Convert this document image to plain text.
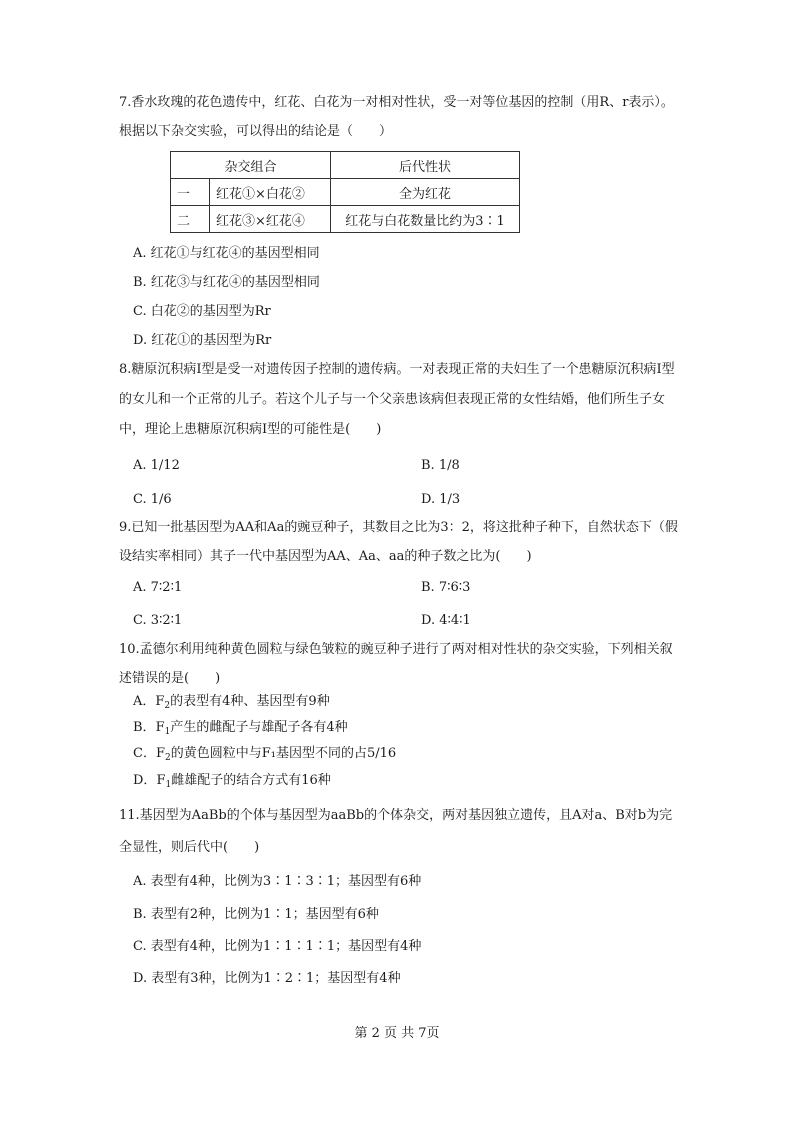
7.香水玫瑰的花色遗传中，红花、白花为一对相对性状，受一对等位基因的控制（用R、r表示）。根据以下杂交实验，可以得出的结论是（　　）
杂交组合		后代性状
一	红花①×白花②	全为红花
二	红花③×红花④	红花与白花数量比约为3∶1
A. 红花①与红花④的基因型相同
B. 红花③与红花④的基因型相同
C. 白花②的基因型为Rr
D. 红花①的基因型为Rr
8.糖原沉积病Ⅰ型是受一对遗传因子控制的遗传病。一对表现正常的夫妇生了一个患糖原沉积病Ⅰ型的女儿和一个正常的儿子。若这个儿子与一个父亲患该病但表现正常的女性结婚，他们所生子女中，理论上患糖原沉积病Ⅰ型的可能性是(　　)
A. 1/12	B. 1/8
C. 1/6	D. 1/3
9.已知一批基因型为AA和Aa的豌豆种子，其数目之比为3：2，将这批种子种下，自然状态下（假设结实率相同）其子一代中基因型为AA、Aa、aa的种子数之比为(　　)
A. 7∶2∶1	B. 7∶6∶3
C. 3∶2∶1	D. 4∶4∶1
10.孟德尔利用纯种黄色圆粒与绿色皱粒的豌豆种子进行了两对相对性状的杂交实验，下列相关叙述错误的是(　　)
A．$F_2$的表型有4种、基因型有9种
B．$F_1$产生的雌配子与雄配子各有4种
C．$F_2$的黄色圆粒中与F₁基因型不同的占5/16
D．$F_1$雌雄配子的结合方式有16种
11.基因型为AaBb的个体与基因型为aaBb的个体杂交，两对基因独立遗传，且A对a、B对b为完全显性，则后代中(　　)
A. 表型有4种，比例为3∶1∶3∶1；基因型有6种
B. 表型有2种，比例为1∶1；基因型有6种
C. 表型有4种，比例为1∶1∶1∶1；基因型有4种
D. 表型有3种，比例为1∶2∶1；基因型有4种
第 2 页 共 7页
